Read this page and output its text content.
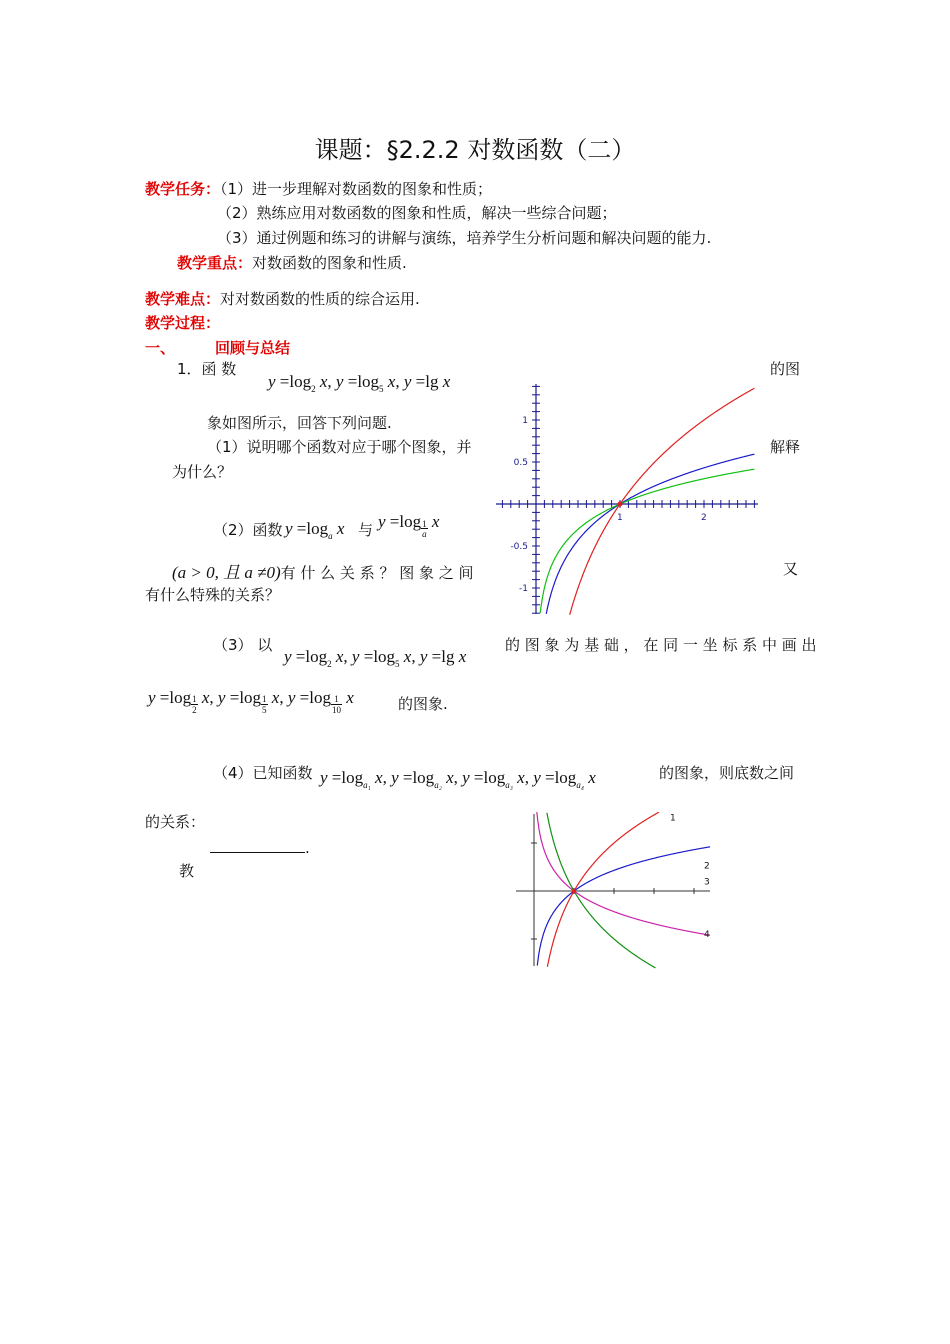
课题：§2.2.2 对数函数（二）
教学任务：（1）进一步理解对数函数的图象和性质；
（2）熟练应用对数函数的图象和性质，解决一些综合问题；
（3）通过例题和练习的讲解与演练，培养学生分析问题和解决问题的能力.
教学重点：对数函数的图象和性质.
教学难点：对对数函数的性质的综合运用.
教学过程：
一、	回顾与总结
1．函 数	的图
$y =\log_2$ x, $y =\log_5$ x, y =lg x
象如图所示，回答下列问题.
（1）说明哪个函数对应于哪个图象，并	解释
为什么？
（2）函数 $y =\log_a$ x 与 $y =\log \frac{1}{a}$ x
(a > 0, 且 a ≠0)有 什 么 关 系 ？ 图 象 之 间	又
有什么特殊的关系？
（3） 以
$y =\log_2$ x, $y =\log_5$ x, y =lg x
的 图 象 为 基 础 ， 在 同 一 坐 标 系 中 画 出
$y =\log \frac{1}{2} x$, $y =\log \frac{1}{5} x$, $y =\log \frac{1}{10}$ x	的图象.
（4）已知函数 $y =\log_{a_1}$ x, $y =\log_{a_2}$ x, $y =\log_{a_3}$ x, $y =\log_{a_4}$ x	的图象，则底数之间
的关系：
.
教
1	2
1
0.5
-0.5
-1
1
2
3
4
